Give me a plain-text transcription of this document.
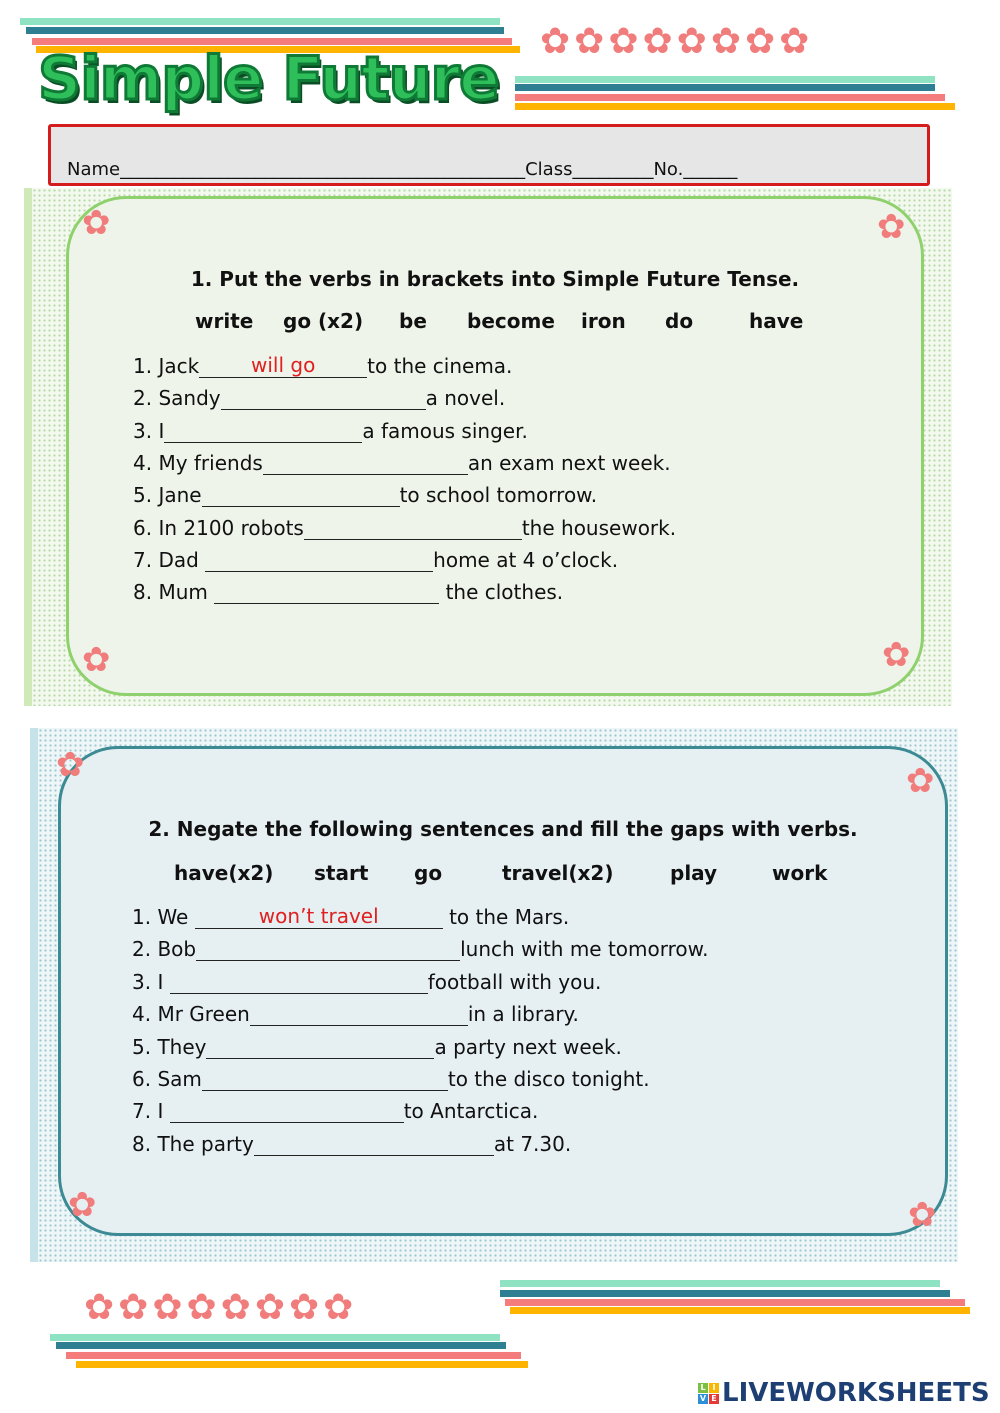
✿✿✿✿✿✿✿✿
Simple Future
Name_____________________________________________Class_________No.______
1. Put the verbs in brackets into Simple Future Tense.
write	go (x2)	be	become	iron	do	have
✿	✿
✿	✿
1. Jack	will go	to the cinema.
2. Sandy	a novel.
3. I	a famous singer.
4. My friends	an exam next week.
5. Jane	to school tomorrow.
6. In 2100 robots	the housework.
7. Dad	home at 4 o’clock.
8. Mum	the clothes.
2. Negate the following sentences and fill the gaps with verbs.
have(x2)	start	go	travel(x2)	play	work
✿	✿
✿	✿
1. We	won’t travel	to the Mars.
2. Bob	lunch with me tomorrow.
3. I	football with you.
4. Mr Green	in a library.
5. They	a party next week.
6. Sam	to the disco tonight.
7. I	to Antarctica.
8. The party	at 7.30.
✿✿✿✿✿✿✿✿
L I
V E LIVEWORKSHEETS
